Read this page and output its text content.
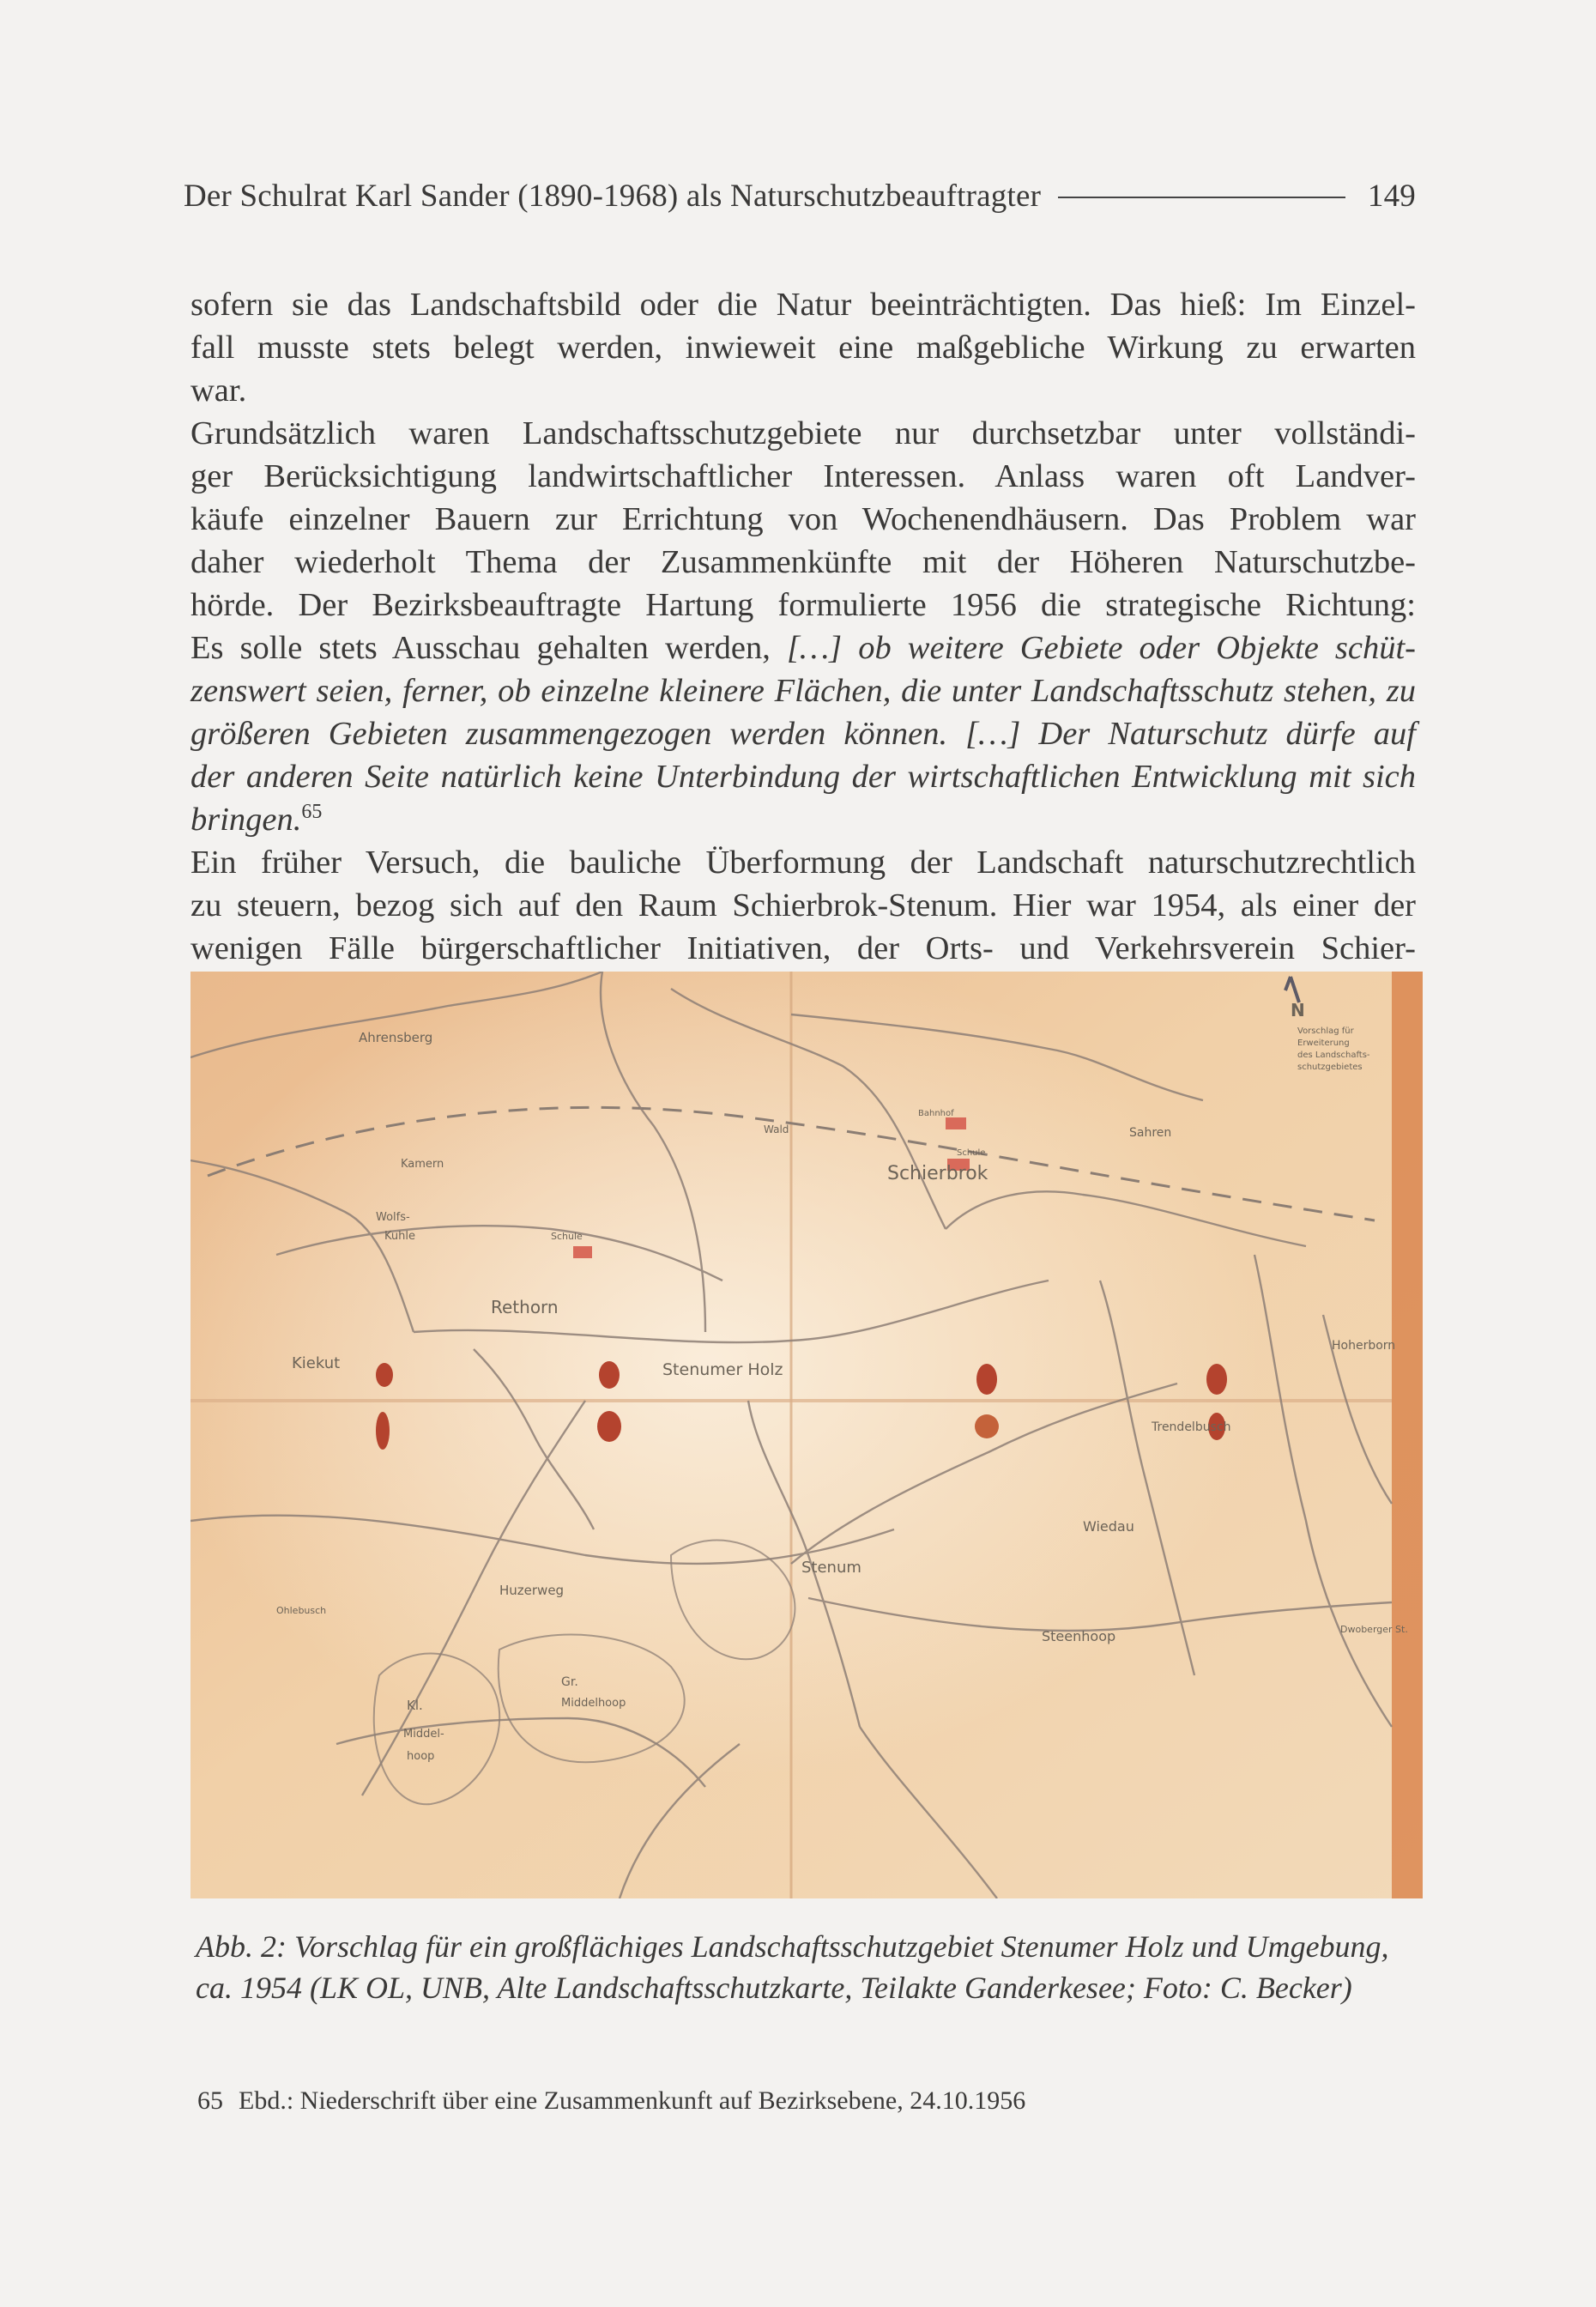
Der Schulrat Karl Sander (1890-1968) als Naturschutzbeauftragter	149

sofern sie das Landschaftsbild oder die Natur beeinträchtigten. Das hieß: Im Einzel-
fall musste stets belegt werden, inwieweit eine maßgebliche Wirkung zu erwarten
war.

Grundsätzlich waren Landschaftsschutzgebiete nur durchsetzbar unter vollständi-
ger Berücksichtigung landwirtschaftlicher Interessen. Anlass waren oft Landver-
käufe einzelner Bauern zur Errichtung von Wochenendhäusern. Das Problem war
daher wiederholt Thema der Zusammenkünfte mit der Höheren Naturschutzbe-
hörde. Der Bezirksbeauftragte Hartung formulierte 1956 die strategische Richtung:
Es solle stets Ausschau gehalten werden, […] ob weitere Gebiete oder Objekte schüt-
zenswert seien, ferner, ob einzelne kleinere Flächen, die unter Landschaftsschutz stehen, zu
größeren Gebieten zusammengezogen werden können. […] Der Naturschutz dürfe auf
der anderen Seite natürlich keine Unterbindung der wirtschaftlichen Entwicklung mit sich
bringen.$^{65}$

Ein früher Versuch, die bauliche Überformung der Landschaft naturschutzrechtlich
zu steuern, bezog sich auf den Raum Schierbrok-Stenum. Hier war 1954, als einer der
wenigen Fälle bürgerschaftlicher Initiativen, der Orts- und Verkehrsverein Schier-

Ahrensberg
Kamern
Wolfs-
Kuhle	Schule
Rethorn
Kiekut	Stenumer Holz
Schierbrok
Bahnhof
Schule
Wald	Sahren
N
Vorschlag für
Erweiterung
des Landschafts-
schutzgebietes
Hoherborn
Trendelbusch
Wiedau
Stenum
Huzerweg
Ohlebusch
Steenhoop	Dwoberger St.
Kl.
Middel-
hoop
Gr.
Middelhoop
Abb. 2: Vorschlag für ein großflächiges Landschaftsschutzgebiet Stenumer Holz und Umgebung,
ca. 1954 (LK OL, UNB, Alte Landschaftsschutzkarte, Teilakte Ganderkesee; Foto: C. Becker)
65 Ebd.: Niederschrift über eine Zusammenkunft auf Bezirksebene, 24.10.1956
